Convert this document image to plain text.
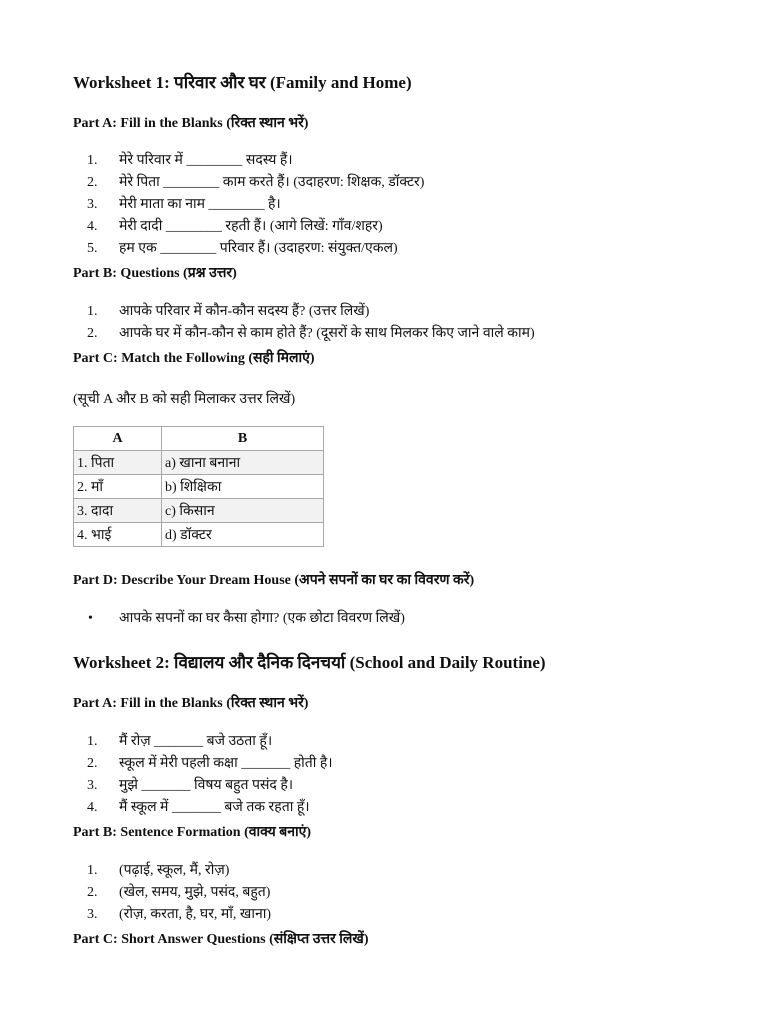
Worksheet 1: परिवार और घर (Family and Home)
Part A: Fill in the Blanks (रिक्त स्थान भरें)
1.	मेरे परिवार में ________ सदस्य हैं।
2.	मेरे पिता ________ काम करते हैं। (उदाहरण: शिक्षक, डॉक्टर)
3.	मेरी माता का नाम ________ है।
4.	मेरी दादी ________ रहती हैं। (आगे लिखें: गाँव/शहर)
5.	हम एक ________ परिवार हैं। (उदाहरण: संयुक्त/एकल)
Part B: Questions (प्रश्न उत्तर)
1.	आपके परिवार में कौन-कौन सदस्य हैं? (उत्तर लिखें)
2.	आपके घर में कौन-कौन से काम होते हैं? (दूसरों के साथ मिलकर किए जाने वाले काम)
Part C: Match the Following (सही मिलाएं)

(सूची A और B को सही मिलाकर उत्तर लिखें)

A	B
1. पिता	a) खाना बनाना
2. माँ	b) शिक्षिका
3. दादा	c) किसान
4. भाई	d) डॉक्टर
Part D: Describe Your Dream House (अपने सपनों का घर का विवरण करें)
• आपके सपनों का घर कैसा होगा? (एक छोटा विवरण लिखें)
Worksheet 2: विद्यालय और दैनिक दिनचर्या (School and Daily Routine)
Part A: Fill in the Blanks (रिक्त स्थान भरें)
1.	मैं रोज़ _______ बजे उठता हूँ।
2.	स्कूल में मेरी पहली कक्षा _______ होती है।
3.	मुझे _______ विषय बहुत पसंद है।
4.	मैं स्कूल में _______ बजे तक रहता हूँ।
Part B: Sentence Formation (वाक्य बनाएं)
1.	(पढ़ाई, स्कूल, मैं, रोज़)
2.	(खेल, समय, मुझे, पसंद, बहुत)
3.	(रोज़, करता, है, घर, माँ, खाना)
Part C: Short Answer Questions (संक्षिप्त उत्तर लिखें)
